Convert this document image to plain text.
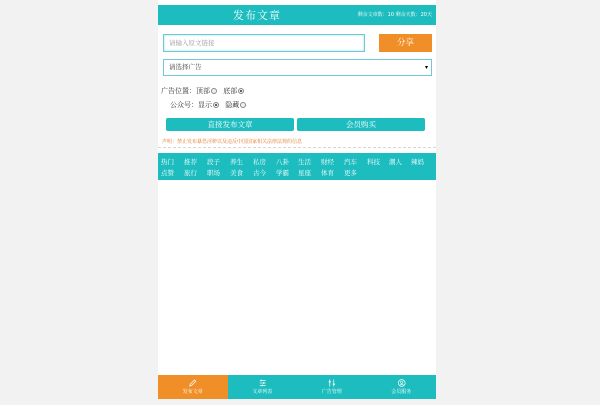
发布文章	剩余文章数：10 剩余天数：20天
请输入原文链接	分享
请选择广告	▾
广告位置：顶部 底部
公众号：显示 隐藏
直接发布文章	会员购买
声明：禁止发布暴恐淫秽以及违反中国国家相关法律法规的信息
热门 推荐 段子 养生 私房 八卦 生活 财经 汽车 科技 潮人 辣妈
点赞 旅行 职场 美食 古今 学霸 星座 体育 更多
发布文章	文章列表	广告管理	会员服务
